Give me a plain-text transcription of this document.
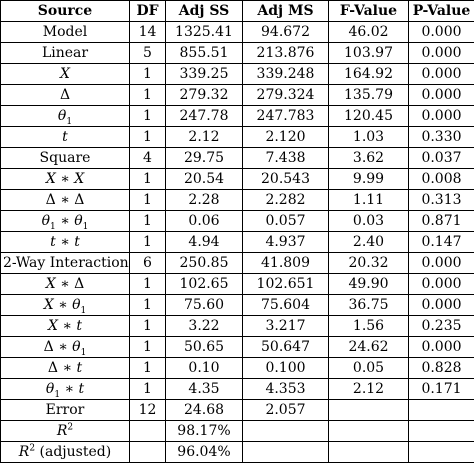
Source	DF	Adj SS	Adj MS	F-Value	P-Value
Model	14	1325.41	94.672	46.02	0.000
Linear	5	855.51	213.876	103.97	0.000
X	1	339.25	339.248	164.92	0.000
Δ	1	279.32	279.324	135.79	0.000
$\theta_1$	1	247.78	247.783	120.45	0.000
t	1	2.12	2.120	1.03	0.330
Square	4	29.75	7.438	3.62	0.037
X ∗ X	1	20.54	20.543	9.99	0.008
Δ ∗ Δ	1	2.28	2.282	1.11	0.313
$\theta_1$ ∗ $\theta_1$	1	0.06	0.057	0.03	0.871
t ∗ t	1	4.94	4.937	2.40	0.147
2-Way Interaction	6	250.85	41.809	20.32	0.000
X ∗ Δ	1	102.65	102.651	49.90	0.000
X ∗ $\theta_1$	1	75.60	75.604	36.75	0.000
X ∗ t	1	3.22	3.217	1.56	0.235
Δ ∗ $\theta_1$	1	50.65	50.647	24.62	0.000
Δ ∗ t	1	0.10	0.100	0.05	0.828
$\theta_1$ ∗ t	1	4.35	4.353	2.12	0.171
Error	12	24.68	2.057		
$R^2$		98.17%			
$R^2$ (adjusted)		96.04%			
